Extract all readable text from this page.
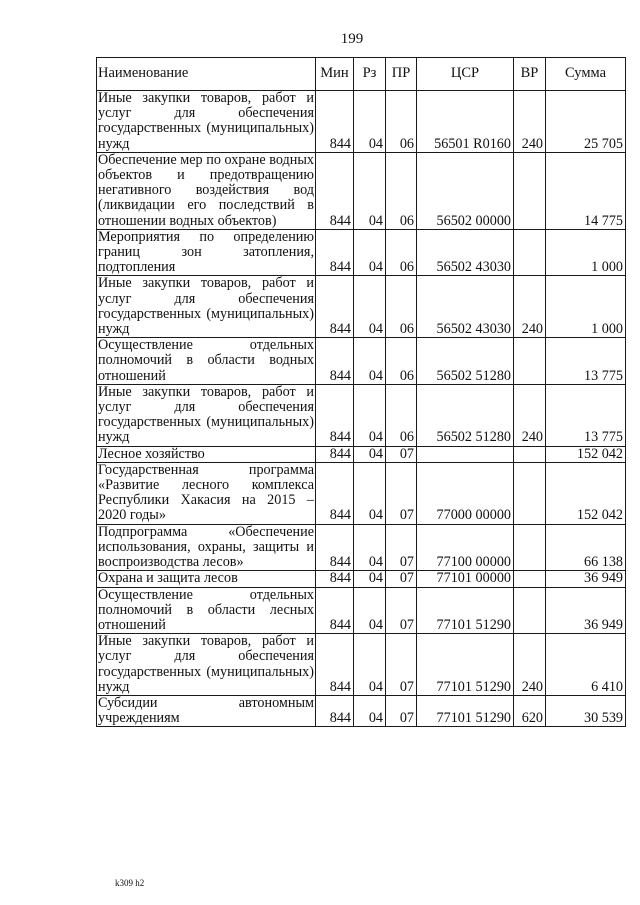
199
Наименование	Мин	Рз	ПР	ЦСР	ВР	Сумма
Иные закупки товаров, работ и услуг для обеспечения государственных (муниципальных) нужд	844	04	06	56501 R0160	240	25 705
Обеспечение мер по охране водных объектов и предотвращению негативного воздействия вод (ликвидации его последствий в отношении водных объектов)	844	04	06	56502 00000		14 775
Мероприятия по определению границ зон затопления, подтопления	844	04	06	56502 43030		1 000
Иные закупки товаров, работ и услуг для обеспечения государственных (муниципальных) нужд	844	04	06	56502 43030	240	1 000
Осуществление отдельных полномочий в области водных отношений	844	04	06	56502 51280		13 775
Иные закупки товаров, работ и услуг для обеспечения государственных (муниципальных) нужд	844	04	06	56502 51280	240	13 775
Лесное хозяйство	844	04	07			152 042
Государственная программа «Развитие лесного комплекса Республики Хакасия на 2015 – 2020 годы»	844	04	07	77000 00000		152 042
Подпрограмма «Обеспечение использования, охраны, защиты и воспроизводства лесов»	844	04	07	77100 00000		66 138
Охрана и защита лесов	844	04	07	77101 00000		36 949
Осуществление отдельных полномочий в области лесных отношений	844	04	07	77101 51290		36 949
Иные закупки товаров, работ и услуг для обеспечения государственных (муниципальных) нужд	844	04	07	77101 51290	240	6 410
Субсидии автономным учреждениям	844	04	07	77101 51290	620	30 539
k309 h2
